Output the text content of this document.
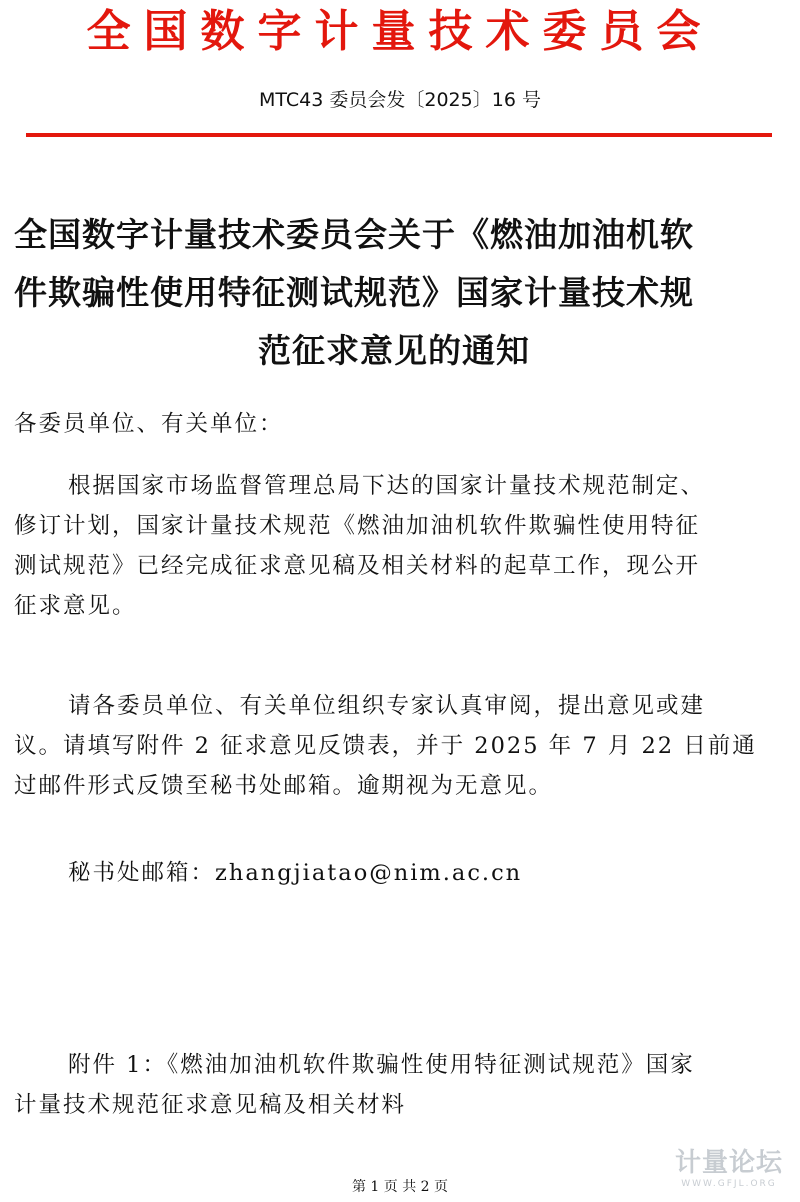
全国数字计量技术委员会
MTC43 委员会发〔2025〕16 号
全国数字计量技术委员会关于《燃油加油机软
件欺骗性使用特征测试规范》国家计量技术规
范征求意见的通知

各委员单位、有关单位：

根据国家市场监督管理总局下达的国家计量技术规范制定、
修订计划，国家计量技术规范《燃油加油机软件欺骗性使用特征
测试规范》已经完成征求意见稿及相关材料的起草工作，现公开
征求意见。

请各委员单位、有关单位组织专家认真审阅，提出意见或建
议。请填写附件 2 征求意见反馈表，并于 2025 年 7 月 22 日前通
过邮件形式反馈至秘书处邮箱。逾期视为无意见。

秘书处邮箱：zhangjiatao@nim.ac.cn

附件 1：《燃油加油机软件欺骗性使用特征测试规范》国家
计量技术规范征求意见稿及相关材料

第 1 页 共 2 页
计量论坛
WWW.GFJL.ORG
